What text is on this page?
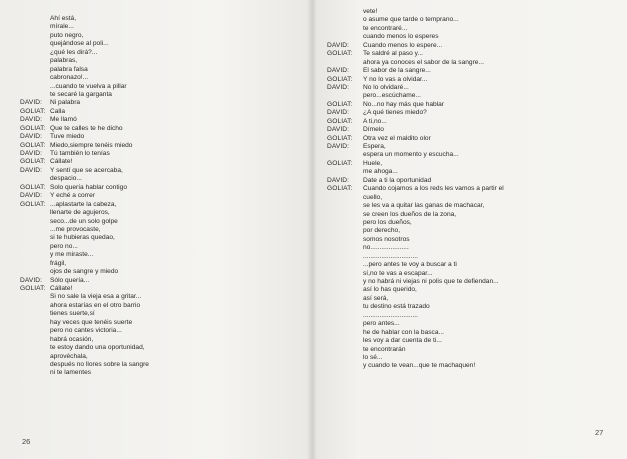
Ahí está,
mírale...
puto negro,
quejándose al poli...
¿qué les dirá?...
palabras,
palabra falsa
cabronazo!...
...cuando te vuelva a pillar
te secaré la garganta
DAVID: Ni palabra
GOLIAT: Calla
DAVID: Me llamó
GOLIAT: Que te calles te he dicho
DAVID: Tuve miedo
GOLIAT: Miedo,siempre tenéis miedo
DAVID: Tú también lo tenías
GOLIAT: Cállate!
DAVID: Y sentí que se acercaba,
despacio...
GOLIAT: Solo quería hablar contigo
DAVID: Y eché a correr
GOLIAT: ...aplastarte la cabeza,
llenarte de agujeros,
seco...de un solo golpe
...me provocaste,
si te hubieras quedao,
pero no...
y me miraste...
frágil,
ojos de sangre y miedo
DAVID: Sólo quería...
GOLIAT: Cállate!
Si no sale la vieja esa a gritar...
ahora estarías en el otro barrio
tienes suerte,sí
hay veces que tenéis suerte
pero no cantes victoria...
habrá ocasión,
te estoy dando una oportunidad,
aprovéchala,
después no llores sobre la sangre
ni te lamentes
26
vete!
o asume que tarde o temprano...
te encontraré...
cuando menos lo esperes
DAVID: Cuando menos lo espere...
GOLIAT: Te saldré al paso y...
ahora ya conoces el sabor de la sangre...
DAVID: El sabor de la sangre...
GOLIAT: Y no lo vas a olvidar...
DAVID: No lo olvidaré...
pero...escúchame...
GOLIAT: No...no hay más que hablar
DAVID: ¿A qué tienes miedo?
GOLIAT: A ti,no...
DAVID: Dímelo
GOLIAT: Otra vez el maldito olor
DAVID: Espera,
espera un momento y escucha...
GOLIAT: Huele,
me ahoga...
DAVID: Date a ti la oportunidad
GOLIAT: Cuando cojamos a los reds les vamos a partir el
cuello,
se les va a quitar las ganas de machacar,
se creen los dueños de la zona,
pero los dueños,
por derecho,
somos nosotros
no.....................
..............................
...pero antes te voy a buscar a ti
sí,no te vas a escapar...
y no habrá ni viejas ni polis que te defiendan...
así lo has querido,
así será,
tu destino está trazado
..............................
pero antes...
he de hablar con la basca...
les voy a dar cuenta de ti...
te encontrarán
lo sé...
y cuando te vean...que te machaquen!
27
